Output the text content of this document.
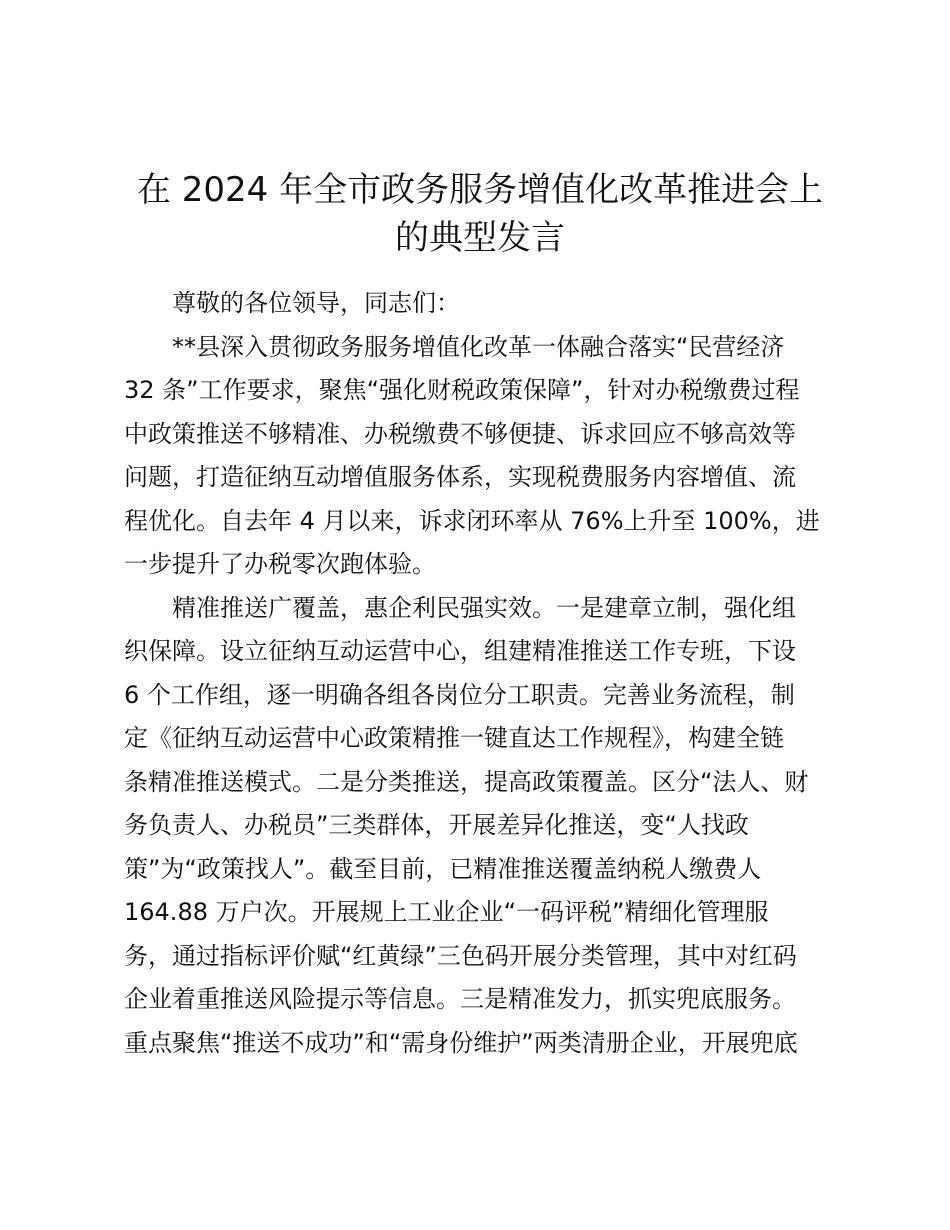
在 2024 年全市政务服务增值化改革推进会上
的典型发言
尊敬的各位领导，同志们：
**县深入贯彻政务服务增值化改革一体融合落实“民营经济
32 条”工作要求，聚焦“强化财税政策保障”，针对办税缴费过程
中政策推送不够精准、办税缴费不够便捷、诉求回应不够高效等
问题，打造征纳互动增值服务体系，实现税费服务内容增值、流
程优化。自去年 4 月以来，诉求闭环率从 76%上升至 100%，进
一步提升了办税零次跑体验。
精准推送广覆盖，惠企利民强实效。一是建章立制，强化组
织保障。设立征纳互动运营中心，组建精准推送工作专班，下设
6 个工作组，逐一明确各组各岗位分工职责。完善业务流程，制
定《征纳互动运营中心政策精推一键直达工作规程》，构建全链
条精准推送模式。二是分类推送，提高政策覆盖。区分“法人、财
务负责人、办税员”三类群体，开展差异化推送，变“人找政
策”为“政策找人”。截至目前，已精准推送覆盖纳税人缴费人
164.88 万户次。开展规上工业企业“一码评税”精细化管理服
务，通过指标评价赋“红黄绿”三色码开展分类管理，其中对红码
企业着重推送风险提示等信息。三是精准发力，抓实兜底服务。
重点聚焦“推送不成功”和“需身份维护”两类清册企业，开展兜底
